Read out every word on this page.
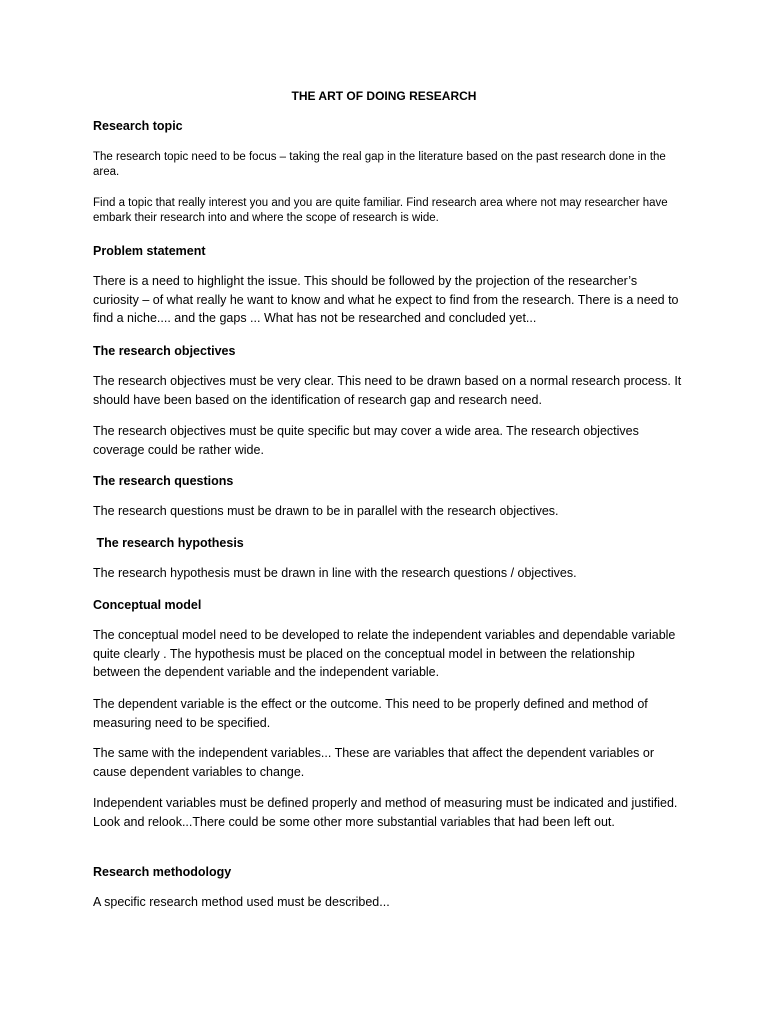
THE ART OF DOING RESEARCH
Research topic
The research topic need to be focus – taking the real gap in the literature based on the past research done in the area.
Find a topic that really interest you and you are quite familiar. Find research area where not may researcher have embark their research into and where the scope of research is wide.
Problem statement
There is a need to highlight the issue. This should be followed by the projection of the researcher’s curiosity – of what really he want to know and what he expect to find from the research. There is a need to find a niche.... and the gaps ... What has not be researched and concluded yet...
The research objectives
The research objectives must be very clear. This need to be drawn based on a normal research process. It should have been based on the identification of research gap and research need.
The research objectives must be quite specific but may cover a wide area. The research objectives coverage could be rather wide.
The research questions
The research questions must be drawn to be in parallel with the research objectives.
The research hypothesis
The research hypothesis must be drawn in line with the research questions / objectives.
Conceptual model
The conceptual model need to be developed to relate the independent variables and dependable variable quite clearly . The hypothesis must be placed on the conceptual model in between the relationship between the dependent variable and the independent variable.
The dependent variable is the effect or the outcome. This need to be properly defined and method of measuring need to be specified.
The same with the independent variables... These are variables that affect the dependent variables or cause dependent variables to change.
Independent variables must be defined properly and method of measuring must be indicated and justified. Look and relook...There could be some other more substantial variables that had been left out.
Research methodology
A specific research method used must be described...
